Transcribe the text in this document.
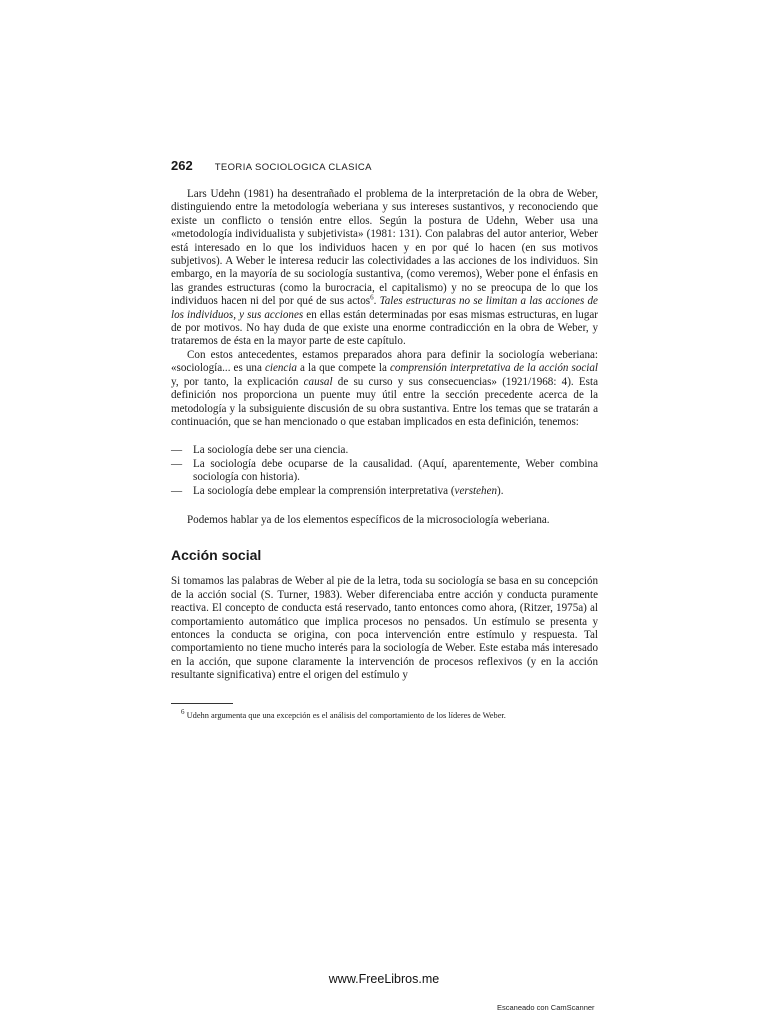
262 TEORIA SOCIOLOGICA CLASICA

Lars Udehn (1981) ha desentrañado el problema de la interpretación de la obra de Weber, distinguiendo entre la metodología weberiana y sus intereses sustantivos, y reconociendo que existe un conflicto o tensión entre ellos. Según la postura de Udehn, Weber usa una «metodología individualista y subjetivista» (1981: 131). Con palabras del autor anterior, Weber está interesado en lo que los individuos hacen y en por qué lo hacen (en sus motivos subjetivos). A Weber le interesa reducir las colectividades a las acciones de los individuos. Sin embargo, en la mayoría de su sociología sustantiva, (como veremos), Weber pone el énfasis en las grandes estructuras (como la burocracia, el capitalismo) y no se preocupa de lo que los individuos hacen ni del por qué de sus actos$^6$. Tales estructuras no se limitan a las acciones de los individuos, y sus acciones en ellas están determinadas por esas mismas estructuras, en lugar de por motivos. No hay duda de que existe una enorme contradicción en la obra de Weber, y trataremos de ésta en la mayor parte de este capítulo.

Con estos antecedentes, estamos preparados ahora para definir la sociología weberiana: «sociología... es una ciencia a la que compete la comprensión interpretativa de la acción social y, por tanto, la explicación causal de su curso y sus consecuencias» (1921/1968: 4). Esta definición nos proporciona un puente muy útil entre la sección precedente acerca de la metodología y la subsiguiente discusión de su obra sustantiva. Entre los temas que se tratarán a continuación, que se han mencionado o que estaban implicados en esta definición, tenemos:

— La sociología debe ser una ciencia.
— La sociología debe ocuparse de la causalidad. (Aquí, aparentemente, Weber combina sociología con historia).
— La sociología debe emplear la comprensión interpretativa (verstehen).

Podemos hablar ya de los elementos específicos de la microsociología weberiana.

Acción social

Si tomamos las palabras de Weber al pie de la letra, toda su sociología se basa en su concepción de la acción social (S. Turner, 1983). Weber diferenciaba entre acción y conducta puramente reactiva. El concepto de conducta está reservado, tanto entonces como ahora, (Ritzer, 1975a) al comportamiento automático que implica procesos no pensados. Un estímulo se presenta y entonces la conducta se origina, con poca intervención entre estímulo y respuesta. Tal comportamiento no tiene mucho interés para la sociología de Weber. Este estaba más interesado en la acción, que supone claramente la intervención de procesos reflexivos (y en la acción resultante significativa) entre el origen del estímulo y

$^6$ Udehn argumenta que una excepción es el análisis del comportamiento de los líderes de Weber.

www.FreeLibros.me
Escaneado con CamScanner
